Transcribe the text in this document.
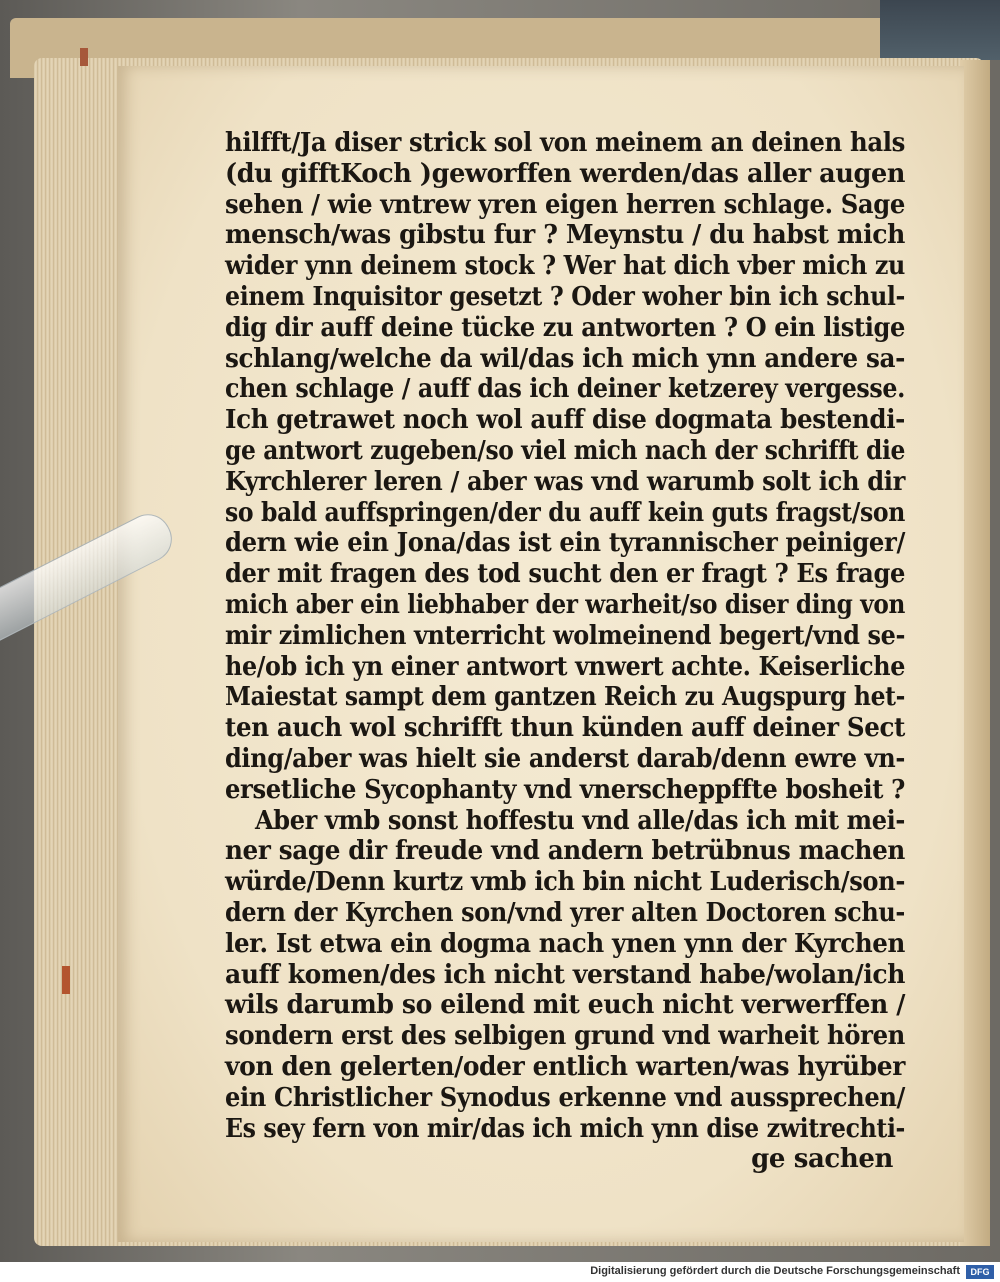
hilfft/Ja diser strick sol von meinem an deinen hals
(du gifftKoch )geworffen werden/das aller augen
sehen / wie vntrew yren eigen herren schlage. Sage
mensch/was gibstu fur ? Meynstu / du habst mich
wider ynn deinem stock ? Wer hat dich vber mich zu
einem Inquisitor gesetzt ? Oder woher bin ich schul-
dig dir auff deine tücke zu antworten ? O ein listige
schlang/welche da wil/das ich mich ynn andere sa-
chen schlage / auff das ich deiner ketzerey vergesse.
Ich getrawet noch wol auff dise dogmata bestendi-
ge antwort zugeben/so viel mich nach der schrifft die
Kyrchlerer leren / aber was vnd warumb solt ich dir
so bald auffspringen/der du auff kein guts fragst/son
dern wie ein Jona/das ist ein tyrannischer peiniger/
der mit fragen des tod sucht den er fragt ? Es frage
mich aber ein liebhaber der warheit/so diser ding von
mir zimlichen vnterricht wolmeinend begert/vnd se-
he/ob ich yn einer antwort vnwert achte. Keiserliche
Maiestat sampt dem gantzen Reich zu Augspurg het-
ten auch wol schrifft thun künden auff deiner Sect
ding/aber was hielt sie anderst darab/denn ewre vn-
ersetliche Sycophanty vnd vnerscheppffte bosheit ?
Aber vmb sonst hoffestu vnd alle/das ich mit mei-
ner sage dir freude vnd andern betrübnus machen
würde/Denn kurtz vmb ich bin nicht Luderisch/son-
dern der Kyrchen son/vnd yrer alten Doctoren schu-
ler. Ist etwa ein dogma nach ynen ynn der Kyrchen
auff komen/des ich nicht verstand habe/wolan/ich
wils darumb so eilend mit euch nicht verwerffen /
sondern erst des selbigen grund vnd warheit hören
von den gelerten/oder entlich warten/was hyrüber
ein Christlicher Synodus erkenne vnd aussprechen/
Es sey fern von mir/das ich mich ynn dise zwitrechti-
ge sachen
Digitalisierung gefördert durch die Deutsche Forschungsgemeinschaft	DFG
